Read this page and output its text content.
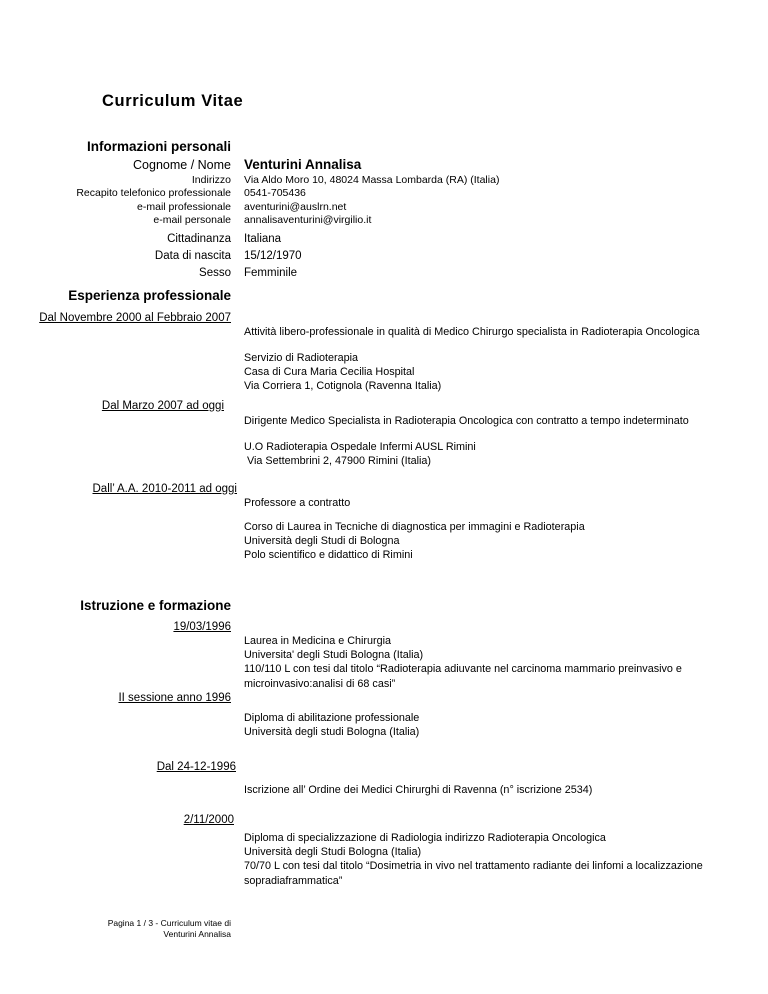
Curriculum Vitae
Informazioni personali
Cognome / Nome Venturini Annalisa
Indirizzo Via Aldo Moro 10, 48024 Massa Lombarda (RA) (Italia)
Recapito telefonico professionale 0541-705436
e-mail professionale aventurini@auslrn.net
e-mail personale annalisaventurini@virgilio.it
Cittadinanza Italiana
Data di nascita 15/12/1970
Sesso Femminile
Esperienza professionale
Dal Novembre 2000 al Febbraio 2007
Attività libero-professionale in qualità di Medico Chirurgo specialista in Radioterapia Oncologica
Servizio di Radioterapia
Casa di Cura Maria Cecilia Hospital
Via Corriera 1, Cotignola (Ravenna Italia)
Dal Marzo 2007 ad oggi
Dirigente Medico Specialista in Radioterapia Oncologica con contratto a tempo indeterminato
U.O Radioterapia Ospedale Infermi AUSL Rimini
Via Settembrini 2, 47900 Rimini (Italia)
Dall’ A.A. 2010-2011 ad oggi
Professore a contratto
Corso di Laurea in Tecniche di diagnostica per immagini e Radioterapia
Università degli Studi di Bologna
Polo scientifico e didattico di Rimini
Istruzione e formazione
19/03/1996
Laurea in Medicina e Chirurgia
Universita' degli Studi Bologna (Italia)
110/110 L con tesi dal titolo “Radioterapia adiuvante nel carcinoma mammario preinvasivo e
microinvasivo:analisi di 68 casi”
II sessione anno 1996
Diploma di abilitazione professionale
Università degli studi Bologna (Italia)
Dal 24-12-1996
Iscrizione all’ Ordine dei Medici Chirurghi di Ravenna (n° iscrizione 2534)
2/11/2000
Diploma di specializzazione di Radiologia indirizzo Radioterapia Oncologica
Università degli Studi Bologna (Italia)
70/70 L con tesi dal titolo “Dosimetria in vivo nel trattamento radiante dei linfomi a localizzazione
sopradiaframmatica”
Pagina 1 / 3 - Curriculum vitae di
Venturini Annalisa
